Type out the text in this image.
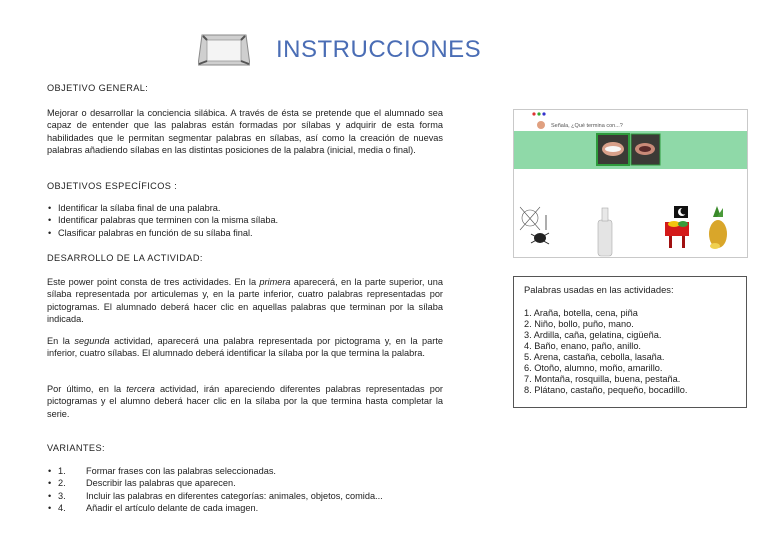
INSTRUCCIONES
OBJETIVO GENERAL:
Mejorar o desarrollar la conciencia silábica. A través de ésta se pretende que el alumnado sea capaz de entender que las palabras están formadas por sílabas y adquirir de esta forma habilidades que le permitan segmentar palabras en sílabas, así como la creación de nuevas palabras añadiendo sílabas en las distintas posiciones de la palabra (inicial, media o final).
OBJETIVOS ESPECÍFICOS :
• Identificar la sílaba final de una palabra.
• Identificar palabras que terminen con la misma sílaba.
• Clasificar palabras en función de su sílaba final.
DESARROLLO DE LA ACTIVIDAD:
Este power point consta de tres actividades. En la primera aparecerá, en la parte superior, una sílaba representada por articulemas y, en la parte inferior, cuatro palabras representadas por pictogramas. El alumnado deberá hacer clic en aquellas palabras que terminan por la sílaba indicada.
En la segunda actividad, aparecerá una palabra representada por pictograma y, en la parte inferior, cuatro sílabas. El alumnado deberá identificar la sílaba por la que termina la palabra.
Por último, en la tercera actividad, irán apareciendo diferentes palabras representadas por pictogramas y el alumno deberá hacer clic en la sílaba por la que termina hasta completar la serie.
VARIANTES:
• 1.	Formar frases con las palabras seleccionadas.
• 2.	Describir las palabras que aparecen.
• 3.	Incluir las palabras en diferentes categorías: animales, objetos, comida...
• 4.	Añadir el artículo delante de cada imagen.
Señala, ¿Qué termina con...?
Palabras usadas en las actividades:
1. Araña, botella, cena, piña
2. Niño, bollo, puño, mano.
3. Ardilla, caña, gelatina, cigüeña.
4. Baño, enano, paño, anillo.
5. Arena, castaña, cebolla, lasaña.
6. Otoño, alumno, moño, amarillo.
7. Montaña, rosquilla, buena, pestaña.
8. Plátano, castaño, pequeño, bocadillo.
